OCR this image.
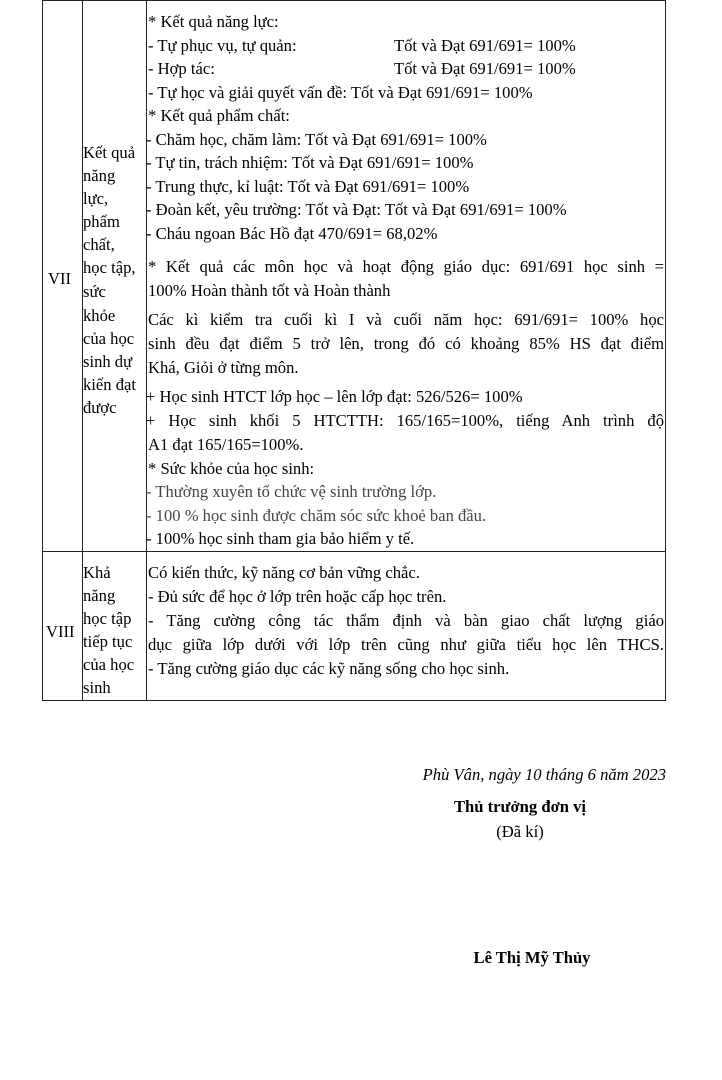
VII
Kết quả
năng
lực,
phẩm
chất,
học tập,
sức
khỏe
của học
sinh dự
kiến đạt
được
* Kết quả năng lực:
- Tự phục vụ, tự quản:	Tốt và Đạt 691/691= 100%
- Hợp tác:	Tốt và Đạt 691/691= 100%
- Tự học và giải quyết vấn đề: Tốt và Đạt 691/691= 100%
* Kết quả phẩm chất:
- Chăm học, chăm làm: Tốt và Đạt 691/691= 100%
- Tự tin, trách nhiệm: Tốt và Đạt 691/691= 100%
- Trung thực, kỉ luật: Tốt và Đạt 691/691= 100%
- Đoàn kết, yêu trường: Tốt và Đạt: Tốt và Đạt 691/691= 100%
- Cháu ngoan Bác Hồ đạt 470/691= 68,02%
* Kết quả các môn học và hoạt động giáo dục: 691/691 học sinh =
100% Hoàn thành tốt và Hoàn thành
Các kì kiểm tra cuối kì I và cuối năm học: 691/691= 100% học
sinh đều đạt điểm 5 trở lên, trong đó có khoảng 85% HS đạt điểm
Khá, Giỏi ở từng môn.
+ Học sinh HTCT lớp học – lên lớp đạt: 526/526= 100%
+ Học sinh khối 5 HTCTTH: 165/165=100%, tiếng Anh trình độ
A1 đạt 165/165=100%.
* Sức khỏe của học sinh:
- Thường xuyên tổ chức vệ sinh trường lớp.
- 100 % học sinh được chăm sóc sức khoẻ ban đầu.
- 100% học sinh tham gia bảo hiểm y tế.
VIII
Khả
năng
học tập
tiếp tục
của học
sinh
Có kiến thức, kỹ năng cơ bản vững chắc.
- Đủ sức để học ở lớp trên hoặc cấp học trên.
- Tăng cường công tác thẩm định và bàn giao chất lượng giáo
dục giữa lớp dưới với lớp trên cũng như giữa tiểu học lên THCS.
- Tăng cường giáo dục các kỹ năng sống cho học sinh.
Phù Vân, ngày 10 tháng 6 năm 2023
Thủ trưởng đơn vị
(Đã kí)
Lê Thị Mỹ Thủy
